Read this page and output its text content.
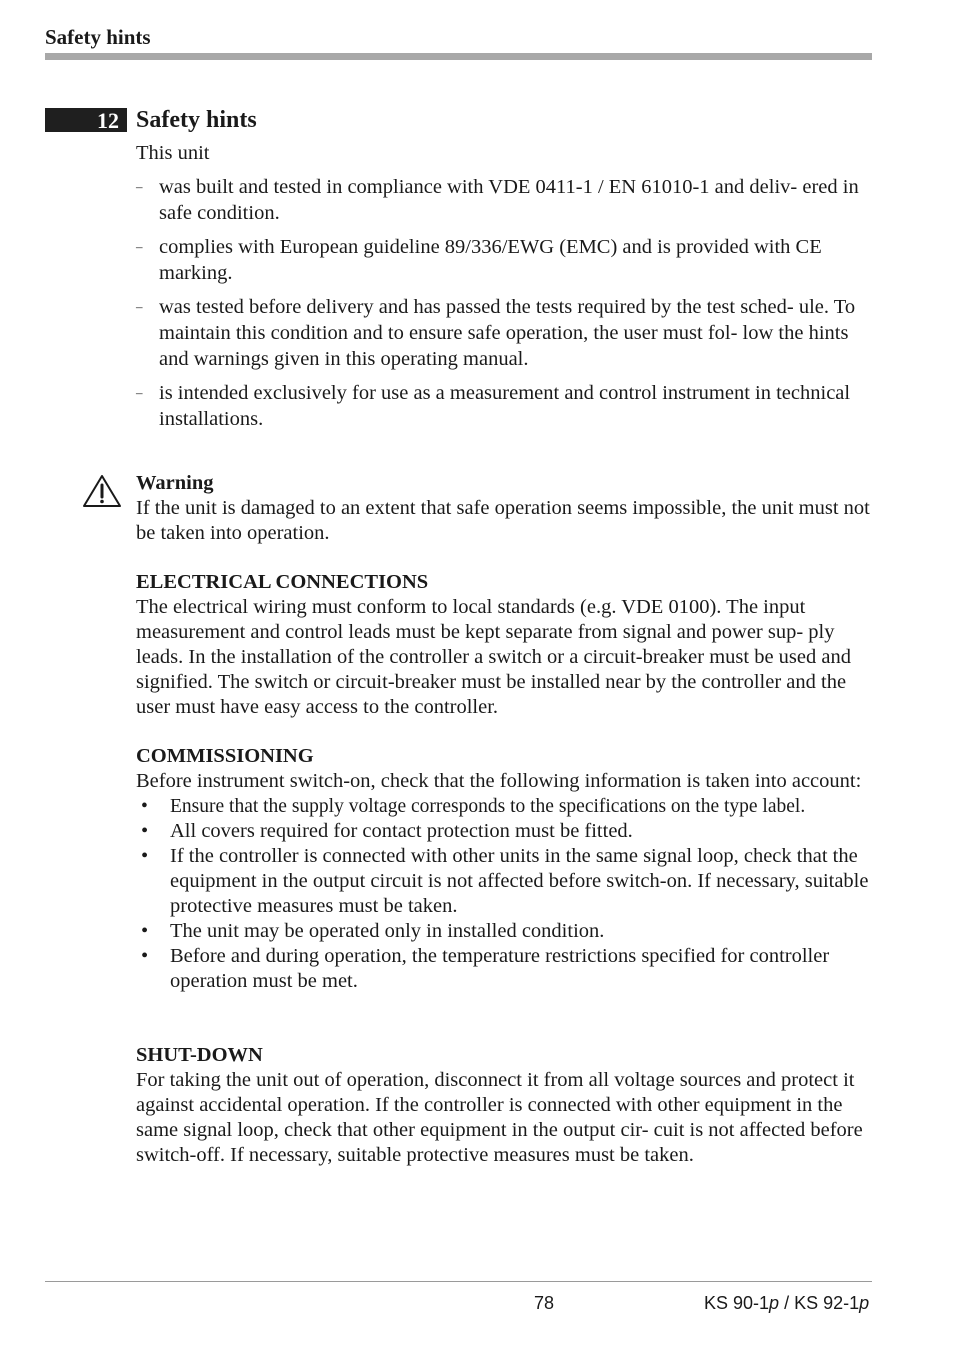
Safety hints
12 Safety hints
This unit
– was built and tested in compliance with VDE 0411-1 / EN 61010-1 and deliv- ered in safe condition.
– complies with European guideline 89/336/EWG (EMC) and is provided with CE marking.
– was tested before delivery and has passed the tests required by the test sched- ule. To maintain this condition and to ensure safe operation, the user must fol- low the hints and warnings given in this operating manual.
– is intended exclusively for use as a measurement and control instrument in technical installations.
Warning
If the unit is damaged to an extent that safe operation seems impossible, the unit must not be taken into operation.
ELECTRICAL CONNECTIONS
The electrical wiring must conform to local standards (e.g. VDE 0100). The input measurement and control leads must be kept separate from signal and power sup- ply leads. In the installation of the controller a switch or a circuit-breaker must be used and signified. The switch or circuit-breaker must be installed near by the controller and the user must have easy access to the controller.
COMMISSIONING
Before instrument switch-on, check that the following information is taken into account:
• Ensure that the supply voltage corresponds to the specifications on the type label.
• All covers required for contact protection must be fitted.
• If the controller is connected with other units in the same signal loop, check that the equipment in the output circuit is not affected before switch-on. If necessary, suitable protective measures must be taken.
• The unit may be operated only in installed condition.
• Before and during operation, the temperature restrictions specified for controller operation must be met.
SHUT-DOWN
For taking the unit out of operation, disconnect it from all voltage sources and protect it against accidental operation. If the controller is connected with other equipment in the same signal loop, check that other equipment in the output cir- cuit is not affected before switch-off. If necessary, suitable protective measures must be taken.
78	KS 90-1p / KS 92-1p
